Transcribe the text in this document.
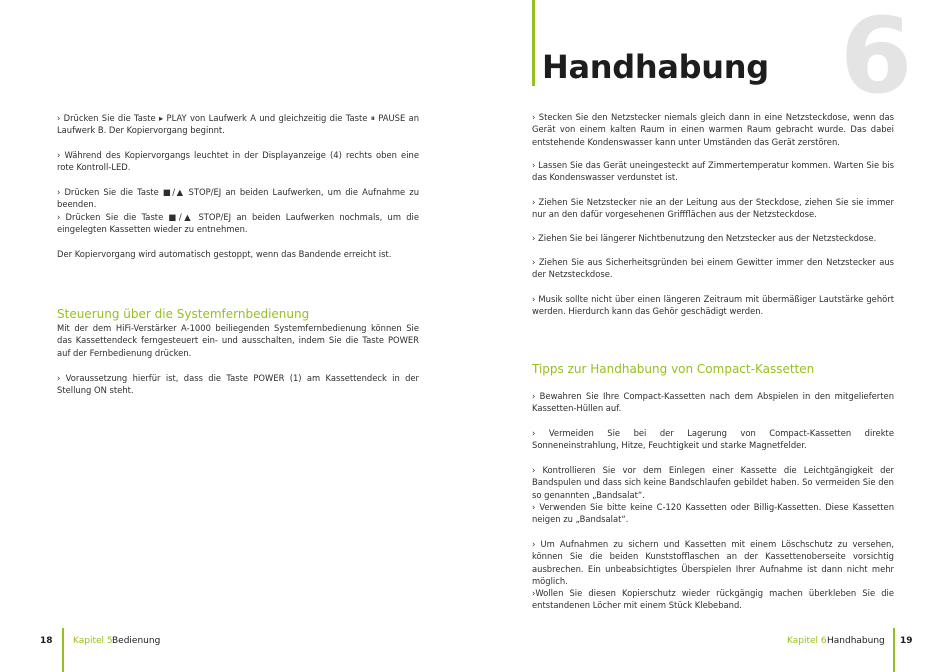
› Drücken Sie die Taste ▸ PLAY von Laufwerk A und gleichzeitig die Taste ⏸ PAUSE an Laufwerk B. Der Kopiervorgang beginnt.

› Während des Kopiervorgangs leuchtet in der Displayanzeige (4) rechts oben eine rote Kontroll-LED.

› Drücken Sie die Taste ■/▲ STOP/EJ an beiden Laufwerken, um die Aufnahme zu beenden.

› Drücken Sie die Taste ■/▲ STOP/EJ an beiden Laufwerken nochmals, um die eingelegten Kassetten wieder zu entnehmen.

Der Kopiervorgang wird automatisch gestoppt, wenn das Bandende erreicht ist.

Steuerung über die Systemfernbedienung

Mit der dem HiFi-Verstärker A-1000 beiliegenden Systemfernbedienung können Sie das Kassettendeck ferngesteuert ein- und ausschalten, indem Sie die Taste POWER auf der Fernbedienung drücken.

› Voraussetzung hierfür ist, dass die Taste POWER (1) am Kassettendeck in der Stellung ON steht.

18 Kapitel 5 Bedienung
Handhabung 6

› Stecken Sie den Netzstecker niemals gleich dann in eine Netzsteckdose, wenn das Gerät von einem kalten Raum in einen warmen Raum gebracht wurde. Das dabei entstehende Kondenswasser kann unter Umständen das Gerät zerstören.

› Lassen Sie das Gerät uneingesteckt auf Zimmertemperatur kommen. Warten Sie bis das Kondenswasser verdunstet ist.

› Ziehen Sie Netzstecker nie an der Leitung aus der Steckdose, ziehen Sie sie immer nur an den dafür vorgesehenen Griffflächen aus der Netzsteckdose.

› Ziehen Sie bei längerer Nichtbenutzung den Netzstecker aus der Netzsteckdose.

› Ziehen Sie aus Sicherheitsgründen bei einem Gewitter immer den Netzstecker aus der Netzsteckdose.

› Musik sollte nicht über einen längeren Zeitraum mit übermäßiger Lautstärke gehört werden. Hierdurch kann das Gehör geschädigt werden.

Tipps zur Handhabung von Compact-Kassetten

› Bewahren Sie Ihre Compact-Kassetten nach dem Abspielen in den mitgelieferten Kassetten-Hüllen auf.

› Vermeiden Sie bei der Lagerung von Compact-Kassetten direkte Sonneneinstrahlung, Hitze, Feuchtigkeit und starke Magnetfelder.

› Kontrollieren Sie vor dem Einlegen einer Kassette die Leichtgängigkeit der Bandspulen und dass sich keine Bandschlaufen gebildet haben. So vermeiden Sie den so genannten „Bandsalat“.

› Verwenden Sie bitte keine C-120 Kassetten oder Billig-Kassetten. Diese Kassetten neigen zu „Bandsalat“.

› Um Aufnahmen zu sichern und Kassetten mit einem Löschschutz zu versehen, können Sie die beiden Kunststofflaschen an der Kassettenoberseite vorsichtig ausbrechen. Ein unbeabsichtigtes Überspielen Ihrer Aufnahme ist dann nicht mehr möglich.

›Wollen Sie diesen Kopierschutz wieder rückgängig machen überkleben Sie die entstandenen Löcher mit einem Stück Klebeband.

Kapitel 6 Handhabung 19
